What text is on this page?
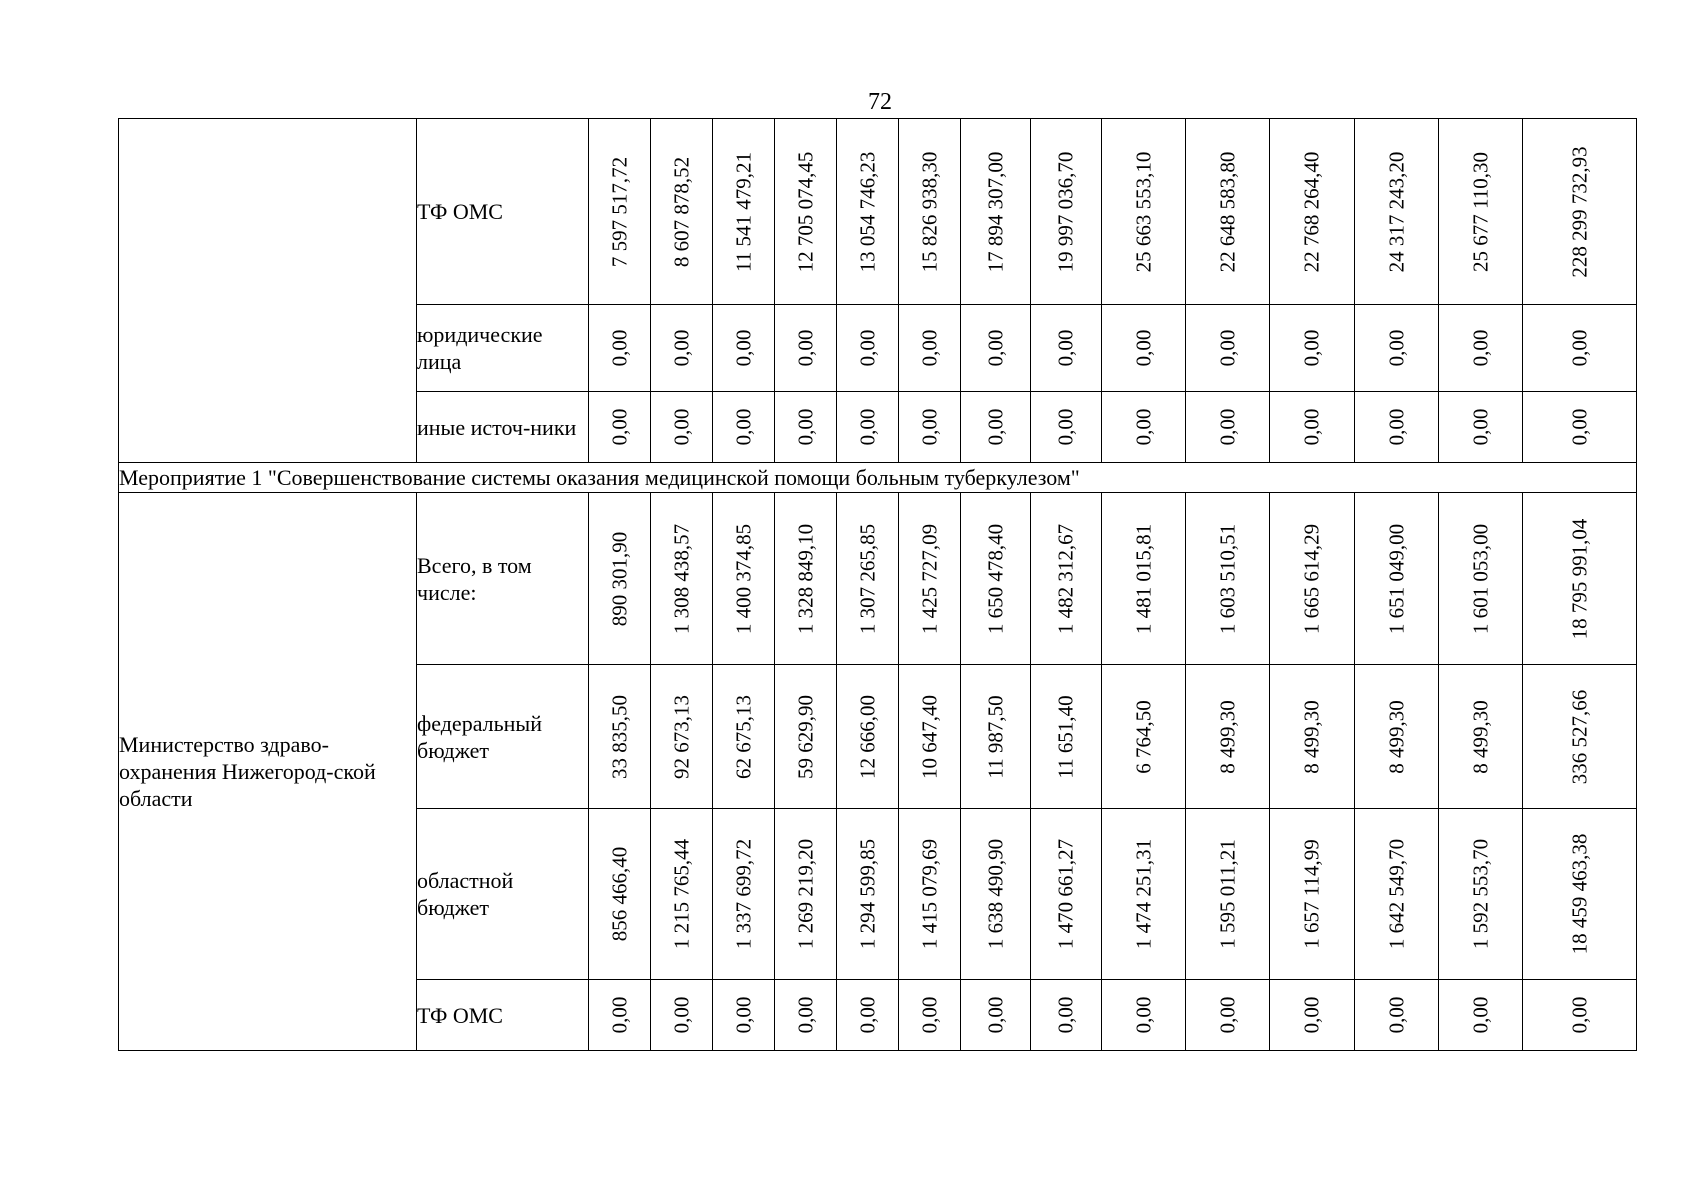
72
	ТФ ОМС	7 597 517,72	8 607 878,52	11 541 479,21	12 705 074,45	13 054 746,23	15 826 938,30	17 894 307,00	19 997 036,70	25 663 553,10	22 648 583,80	22 768 264,40	24 317 243,20	25 677 110,30	228 299 732,93

	юридические лица	0,00	0,00	0,00	0,00	0,00	0,00	0,00	0,00	0,00	0,00	0,00	0,00	0,00	0,00

	иные источ-ники	0,00	0,00	0,00	0,00	0,00	0,00	0,00	0,00	0,00	0,00	0,00	0,00	0,00	0,00

Мероприятие 1 "Совершенствование системы оказания медицинской помощи больным туберкулезом"															
Министерство здраво-охранения Нижегород-ской области	Всего, в том числе:	890 301,90	1 308 438,57	1 400 374,85	1 328 849,10	1 307 265,85	1 425 727,09	1 650 478,40	1 482 312,67	1 481 015,81	1 603 510,51	1 665 614,29	1 651 049,00	1 601 053,00	18 795 991,04

	федеральный бюджет	33 835,50	92 673,13	62 675,13	59 629,90	12 666,00	10 647,40	11 987,50	11 651,40	6 764,50	8 499,30	8 499,30	8 499,30	8 499,30	336 527,66

	областной бюджет	856 466,40	1 215 765,44	1 337 699,72	1 269 219,20	1 294 599,85	1 415 079,69	1 638 490,90	1 470 661,27	1 474 251,31	1 595 011,21	1 657 114,99	1 642 549,70	1 592 553,70	18 459 463,38

	ТФ ОМС	0,00	0,00	0,00	0,00	0,00	0,00	0,00	0,00	0,00	0,00	0,00	0,00	0,00	0,00
